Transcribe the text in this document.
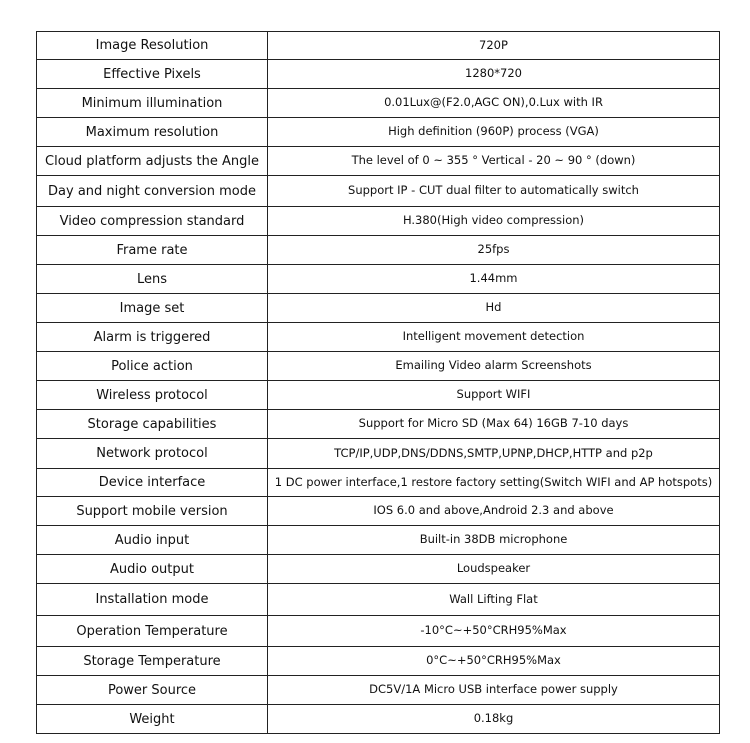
Image Resolution	720P
Effective Pixels	1280*720
Minimum illumination	0.01Lux@(F2.0,AGC ON),0.Lux with IR
Maximum resolution	High definition (960P) process (VGA)
Cloud platform adjusts the Angle	The level of 0 ~ 355 ° Vertical - 20 ~ 90 ° (down)
Day and night conversion mode	Support IP - CUT dual filter to automatically switch
Video compression standard	H.380(High video compression)
Frame rate	25fps
Lens	1.44mm
Image set	Hd
Alarm is triggered	Intelligent movement detection
Police action	Emailing Video alarm Screenshots
Wireless protocol	Support WIFI
Storage capabilities	Support for Micro SD (Max 64) 16GB 7-10 days
Network protocol	TCP/IP,UDP,DNS/DDNS,SMTP,UPNP,DHCP,HTTP and p2p
Device interface	1 DC power interface,1 restore factory setting(Switch WIFI and AP hotspots)
Support mobile version	IOS 6.0 and above,Android 2.3 and above
Audio input	Built-in 38DB microphone
Audio output	Loudspeaker
Installation mode	Wall Lifting Flat
Operation Temperature	-10°C~+50°CRH95%Max
Storage Temperature	0°C~+50°CRH95%Max
Power Source	DC5V/1A Micro USB interface power supply
Weight	0.18kg
